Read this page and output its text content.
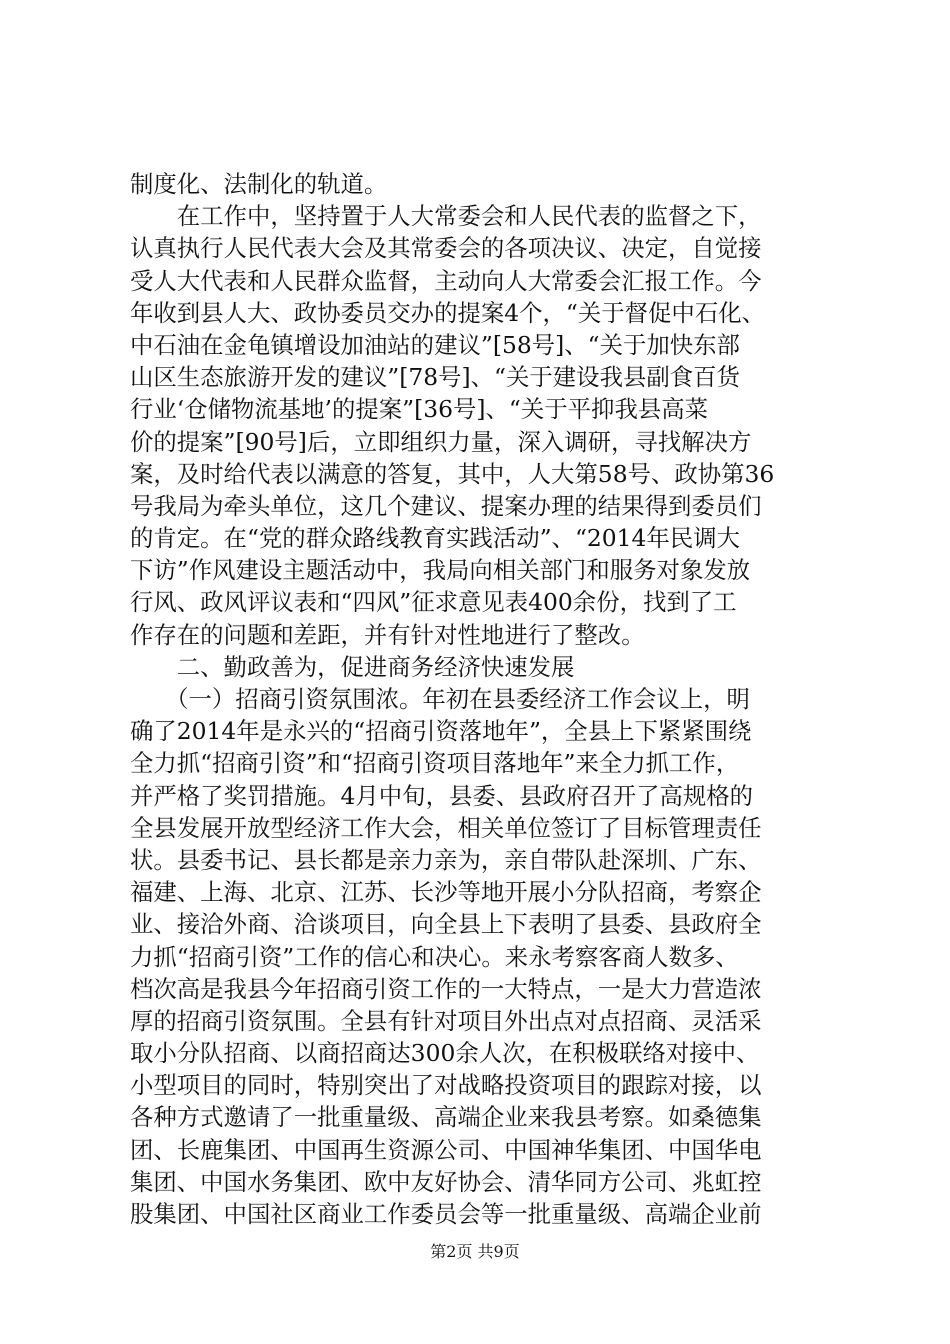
制度化、法制化的轨道。
　　在工作中，坚持置于人大常委会和人民代表的监督之下，
认真执行人民代表大会及其常委会的各项决议、决定，自觉接
受人大代表和人民群众监督，主动向人大常委会汇报工作。今
年收到县人大、政协委员交办的提案4个，“关于督促中石化、
中石油在金龟镇增设加油站的建议”[58号]、“关于加快东部
山区生态旅游开发的建议”[78号]、“关于建设我县副食百货
行业‘仓储物流基地’的提案”[36号]、“关于平抑我县高菜
价的提案”[90号]后，立即组织力量，深入调研，寻找解决方
案，及时给代表以满意的答复，其中，人大第58号、政协第36
号我局为牵头单位，这几个建议、提案办理的结果得到委员们
的肯定。在“党的群众路线教育实践活动”、“2014年民调大
下访”作风建设主题活动中，我局向相关部门和服务对象发放
行风、政风评议表和“四风”征求意见表400余份，找到了工
作存在的问题和差距，并有针对性地进行了整改。
　　二、勤政善为，促进商务经济快速发展
　　（一）招商引资氛围浓。年初在县委经济工作会议上，明
确了2014年是永兴的“招商引资落地年”，全县上下紧紧围绕
全力抓“招商引资”和“招商引资项目落地年”来全力抓工作，
并严格了奖罚措施。4月中旬，县委、县政府召开了高规格的
全县发展开放型经济工作大会，相关单位签订了目标管理责任
状。县委书记、县长都是亲力亲为，亲自带队赴深圳、广东、
福建、上海、北京、江苏、长沙等地开展小分队招商，考察企
业、接洽外商、洽谈项目，向全县上下表明了县委、县政府全
力抓“招商引资”工作的信心和决心。来永考察客商人数多、
档次高是我县今年招商引资工作的一大特点，一是大力营造浓
厚的招商引资氛围。全县有针对项目外出点对点招商、灵活采
取小分队招商、以商招商达300余人次，在积极联络对接中、
小型项目的同时，特别突出了对战略投资项目的跟踪对接，以
各种方式邀请了一批重量级、高端企业来我县考察。如桑德集
团、长鹿集团、中国再生资源公司、中国神华集团、中国华电
集团、中国水务集团、欧中友好协会、清华同方公司、兆虹控
股集团、中国社区商业工作委员会等一批重量级、高端企业前
第2页 共9页
